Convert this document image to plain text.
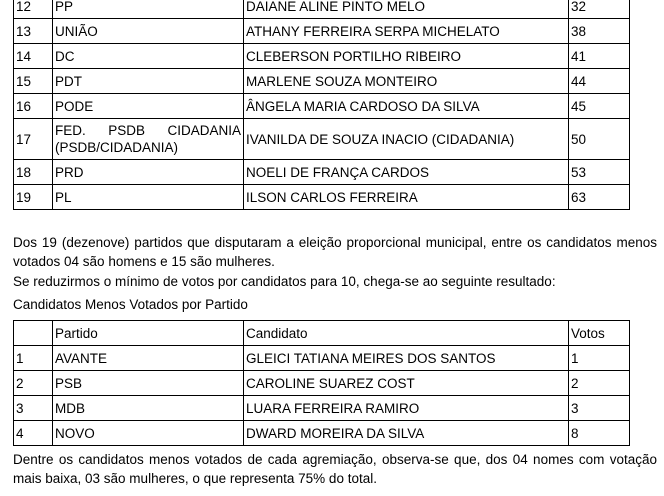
12	PP	DAIANE ALINE PINTO MELO	32
13	UNIÃO	ATHANY FERREIRA SERPA MICHELATO	38
14	DC	CLEBERSON PORTILHO RIBEIRO	41
15	PDT	MARLENE SOUZA MONTEIRO	44
16	PODE	ÂNGELA MARIA CARDOSO DA SILVA	45
17	FED. PSDB CIDADANIA (PSDB/CIDADANIA)	IVANILDA DE SOUZA INACIO (CIDADANIA)	50
18	PRD	NOELI DE FRANÇA CARDOS	53
19	PL	ILSON CARLOS FERREIRA	63

Dos 19 (dezenove) partidos que disputaram a eleição proporcional municipal, entre os candidatos menos votados 04 são homens e 15 são mulheres.

Se reduzirmos o mínimo de votos por candidatos para 10, chega-se ao seguinte resultado:

Candidatos Menos Votados por Partido

	Partido	Candidato	Votos
1	AVANTE	GLEICI TATIANA MEIRES DOS SANTOS	1
2	PSB	CAROLINE SUAREZ COST	2
3	MDB	LUARA FERREIRA RAMIRO	3
4	NOVO	DWARD MOREIRA DA SILVA	8

Dentre os candidatos menos votados de cada agremiação, observa-se que, dos 04 nomes com votação mais baixa, 03 são mulheres, o que representa 75% do total.
